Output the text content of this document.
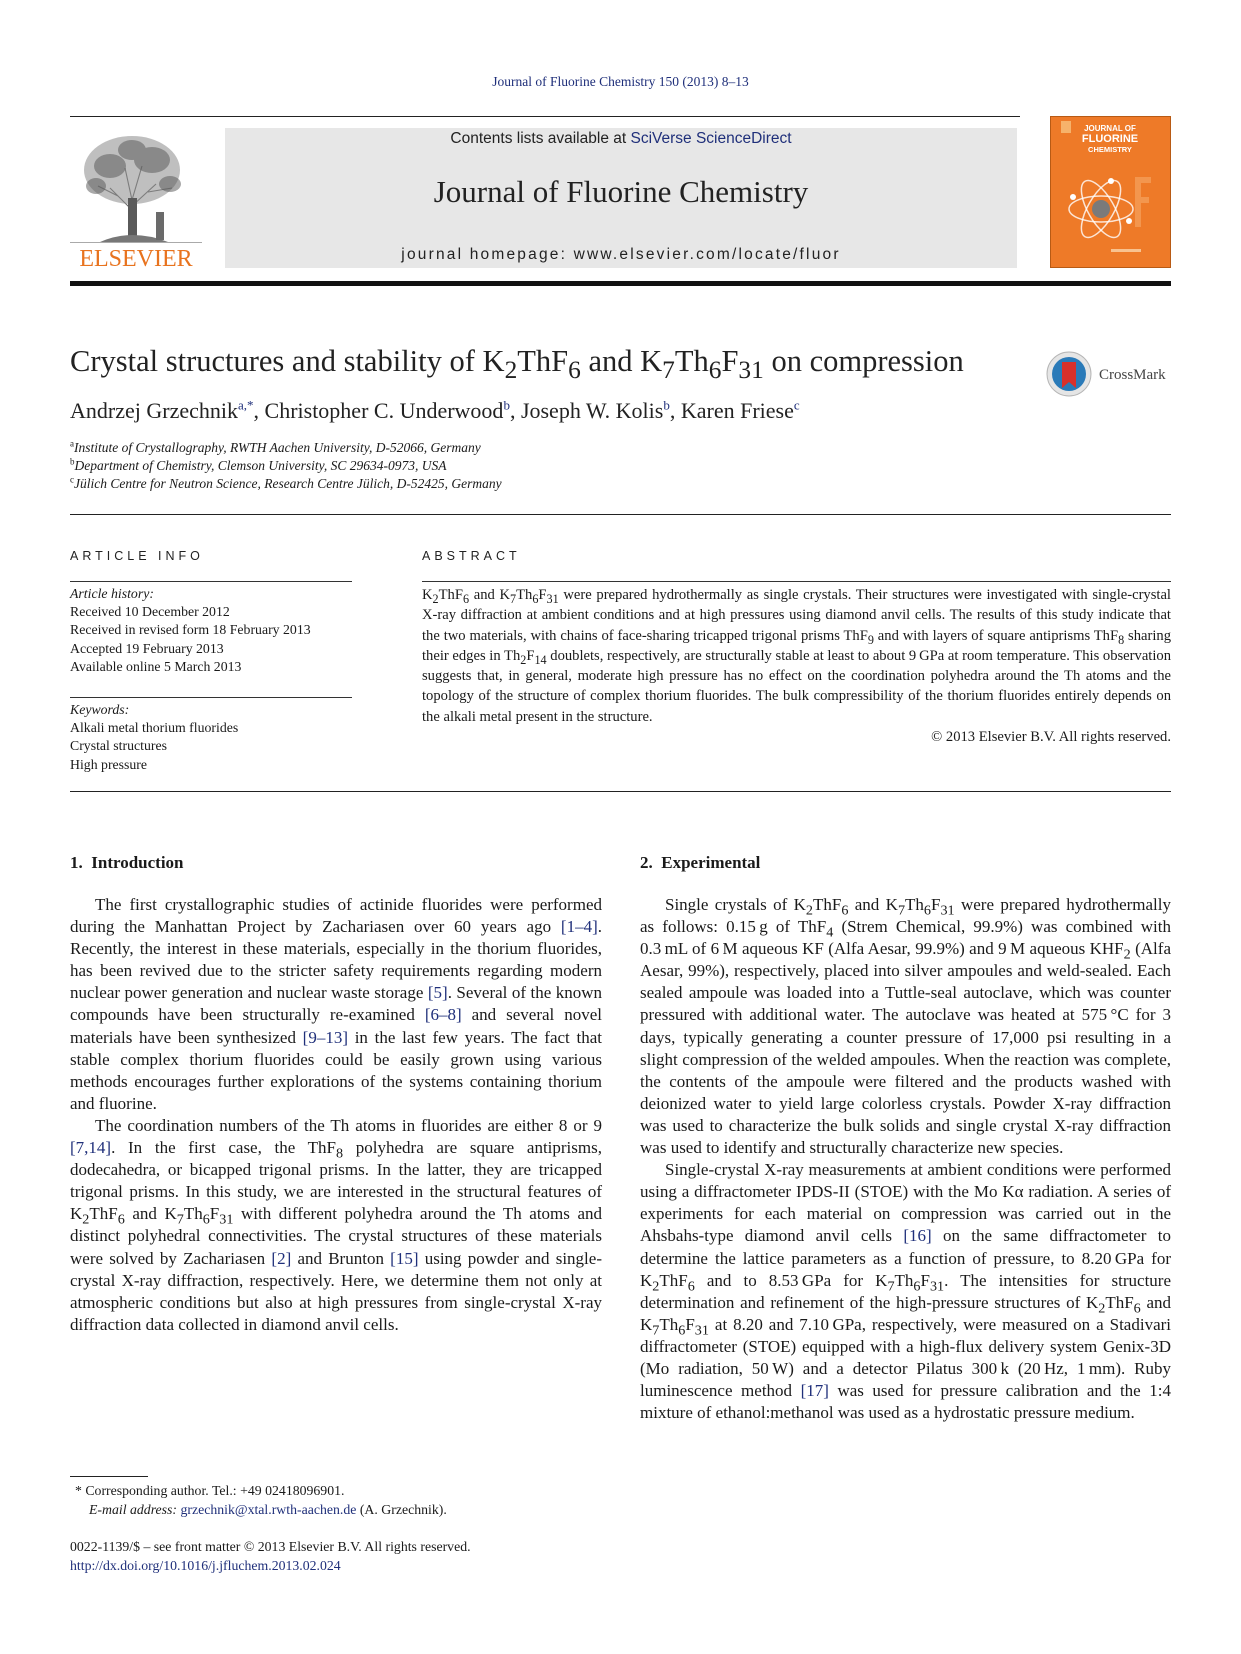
Journal of Fluorine Chemistry 150 (2013) 8–13
ELSEVIER
Contents lists available at SciVerse ScienceDirect
Journal of Fluorine Chemistry
journal homepage: www.elsevier.com/locate/fluor
JOURNAL OF
FLUORINE
CHEMISTRY
Crystal structures and stability of $K_2ThF_6$ and $K_7Th_6F_{31}$ on compression	CrossMark
Andrzej Grzechnik$^{a,*}$, Christopher C. Underwood$^b$, Joseph W. Kolis$^b$, Karen Friese$^c$
$^a$Institute of Crystallography, RWTH Aachen University, D-52066, Germany
$^b$Department of Chemistry, Clemson University, SC 29634-0973, USA
$^c$Jülich Centre for Neutron Science, Research Centre Jülich, D-52425, Germany
ARTICLE INFO
Article history:
Received 10 December 2012
Received in revised form 18 February 2013
Accepted 19 February 2013
Available online 5 March 2013
Keywords:
Alkali metal thorium fluorides
Crystal structures
High pressure
ABSTRACT
$K_2ThF_6$ and $K_7Th_6F_{31}$ were prepared hydrothermally as single crystals. Their structures were investigated with single-crystal X-ray diffraction at ambient conditions and at high pressures using diamond anvil cells. The results of this study indicate that the two materials, with chains of face-sharing tricapped trigonal prisms ThF$_9$ and with layers of square antiprisms ThF$_8$ sharing their edges in $Th_2F_{14}$ doublets, respectively, are structurally stable at least to about 9 GPa at room temperature. This observation suggests that, in general, moderate high pressure has no effect on the coordination polyhedra around the Th atoms and the topology of the structure of complex thorium fluorides. The bulk compressibility of the thorium fluorides entirely depends on the alkali metal present in the structure.
© 2013 Elsevier B.V. All rights reserved.
1.  Introduction

The first crystallographic studies of actinide fluorides were performed during the Manhattan Project by Zachariasen over 60 years ago [1–4]. Recently, the interest in these materials, especially in the thorium fluorides, has been revived due to the stricter safety requirements regarding modern nuclear power generation and nuclear waste storage [5]. Several of the known compounds have been structurally re-examined [6–8] and several novel materials have been synthesized [9–13] in the last few years. The fact that stable complex thorium fluorides could be easily grown using various methods encourages further explorations of the systems containing thorium and fluorine.

The coordination numbers of the Th atoms in fluorides are either 8 or 9 [7,14]. In the first case, the ThF$_8$ polyhedra are square antiprisms, dodecahedra, or bicapped trigonal prisms. In the latter, they are tricapped trigonal prisms. In this study, we are interested in the structural features of $K_2ThF_6$ and $K_7Th_6F_{31}$ with different polyhedra around the Th atoms and distinct polyhedral connectivities. The crystal structures of these materials were solved by Zachariasen [2] and Brunton [15] using powder and single-crystal X-ray diffraction, respectively. Here, we determine them not only at atmospheric conditions but also at high pressures from single-crystal X-ray diffraction data collected in diamond anvil cells.

2.  Experimental

Single crystals of $K_2ThF_6$ and $K_7Th_6F_{31}$ were prepared hydrothermally as follows: 0.15 g of ThF$_4$ (Strem Chemical, 99.9%) was combined with 0.3 mL of 6 M aqueous KF (Alfa Aesar, 99.9%) and 9 M aqueous $KHF_2$ (Alfa Aesar, 99%), respectively, placed into silver ampoules and weld-sealed. Each sealed ampoule was loaded into a Tuttle-seal autoclave, which was counter pressured with additional water. The autoclave was heated at 575 °C for 3 days, typically generating a counter pressure of 17,000 psi resulting in a slight compression of the welded ampoules. When the reaction was complete, the contents of the ampoule were filtered and the products washed with deionized water to yield large colorless crystals. Powder X-ray diffraction was used to characterize the bulk solids and single crystal X-ray diffraction was used to identify and structurally characterize new species.

Single-crystal X-ray measurements at ambient conditions were performed using a diffractometer IPDS-II (STOE) with the Mo Kα radiation. A series of experiments for each material on compression was carried out in the Ahsbahs-type diamond anvil cells [16] on the same diffractometer to determine the lattice parameters as a function of pressure, to 8.20 GPa for $K_2ThF_6$ and to 8.53 GPa for $K_7Th_6F_{31}$. The intensities for structure determination and refinement of the high-pressure structures of $K_2ThF_6$ and $K_7Th_6F_{31}$ at 8.20 and 7.10 GPa, respectively, were measured on a Stadivari diffractometer (STOE) equipped with a high-flux delivery system Genix-3D (Mo radiation, 50 W) and a detector Pilatus 300 k (20 Hz, 1 mm). Ruby luminescence method [17] was used for pressure calibration and the 1:4 mixture of ethanol:methanol was used as a hydrostatic pressure medium.

* Corresponding author. Tel.: +49 02418096901.
E-mail address: grzechnik@xtal.rwth-aachen.de (A. Grzechnik).
0022-1139/$ – see front matter © 2013 Elsevier B.V. All rights reserved.
http://dx.doi.org/10.1016/j.jfluchem.2013.02.024
